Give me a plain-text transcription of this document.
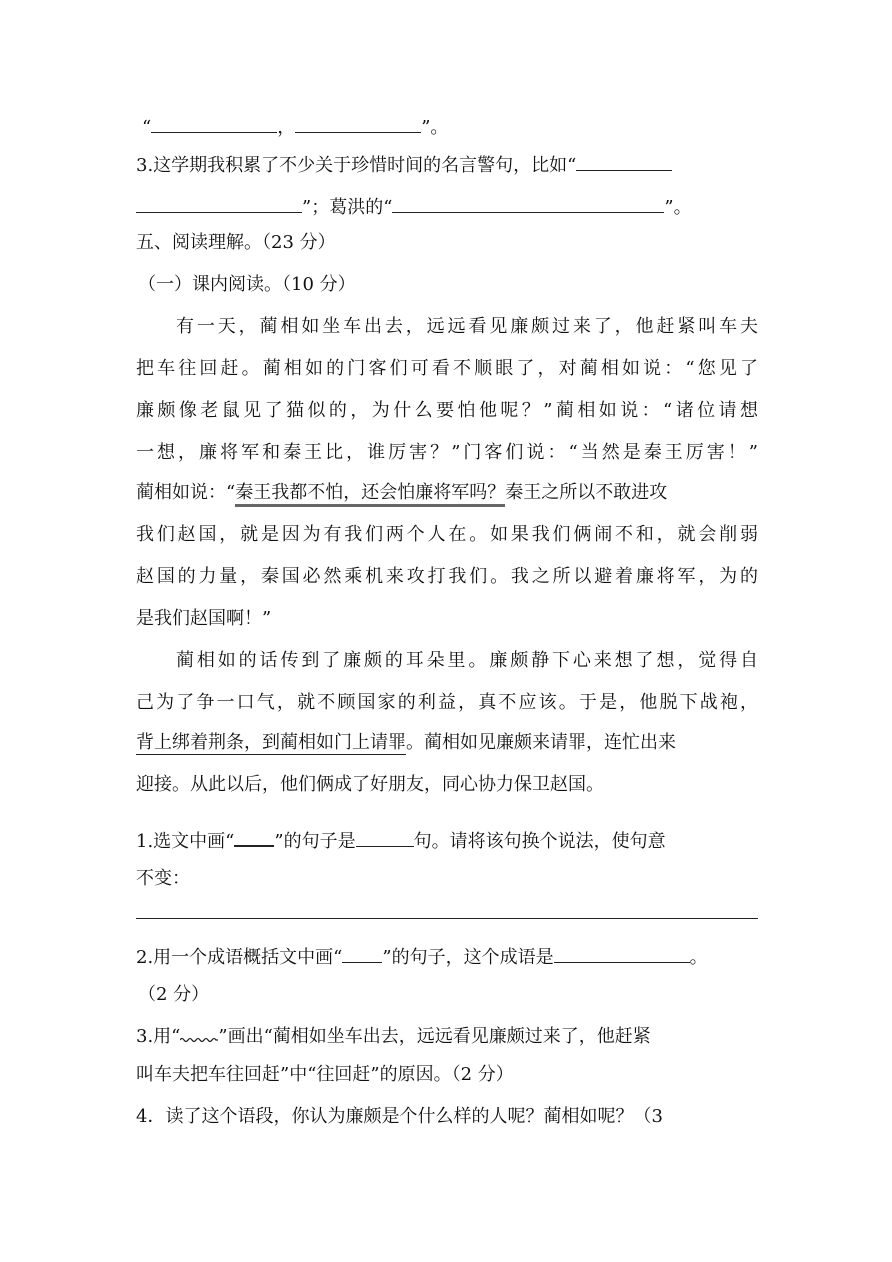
“	，	”。
3.这学期我积累了不少关于珍惜时间的名言警句，比如“
”；葛洪的“	”。
五、阅读理解。（23 分）
（一）课内阅读。（10 分）
有一天，蔺相如坐车出去，远远看见廉颇过来了，他赶紧叫车夫
把车往回赶。蔺相如的门客们可看不顺眼了，对蔺相如说：“您见了
廉颇像老鼠见了猫似的，为什么要怕他呢？”蔺相如说：“诸位请想
一想，廉将军和秦王比，谁厉害？”门客们说：“当然是秦王厉害！”
蔺相如说：“秦王我都不怕，还会怕廉将军吗？秦王之所以不敢进攻
我们赵国，就是因为有我们两个人在。如果我们俩闹不和，就会削弱
赵国的力量，秦国必然乘机来攻打我们。我之所以避着廉将军，为的
是我们赵国啊！”
蔺相如的话传到了廉颇的耳朵里。廉颇静下心来想了想，觉得自
己为了争一口气，就不顾国家的利益，真不应该。于是，他脱下战袍，
背上绑着荆条，到蔺相如门上请罪。蔺相如见廉颇来请罪，连忙出来
迎接。从此以后，他们俩成了好朋友，同心协力保卫赵国。
1.选文中画“ ”的句子是	句。请将该句换个说法，使句意
不变：
2.用一个成语概括文中画“ ”的句子，这个成语是	。
（2 分）
3.用“ ”画出“蔺相如坐车出去，远远看见廉颇过来了，他赶紧
叫车夫把车往回赶”中“往回赶”的原因。（2 分）
4．读了这个语段，你认为廉颇是个什么样的人呢？蔺相如呢？（3
